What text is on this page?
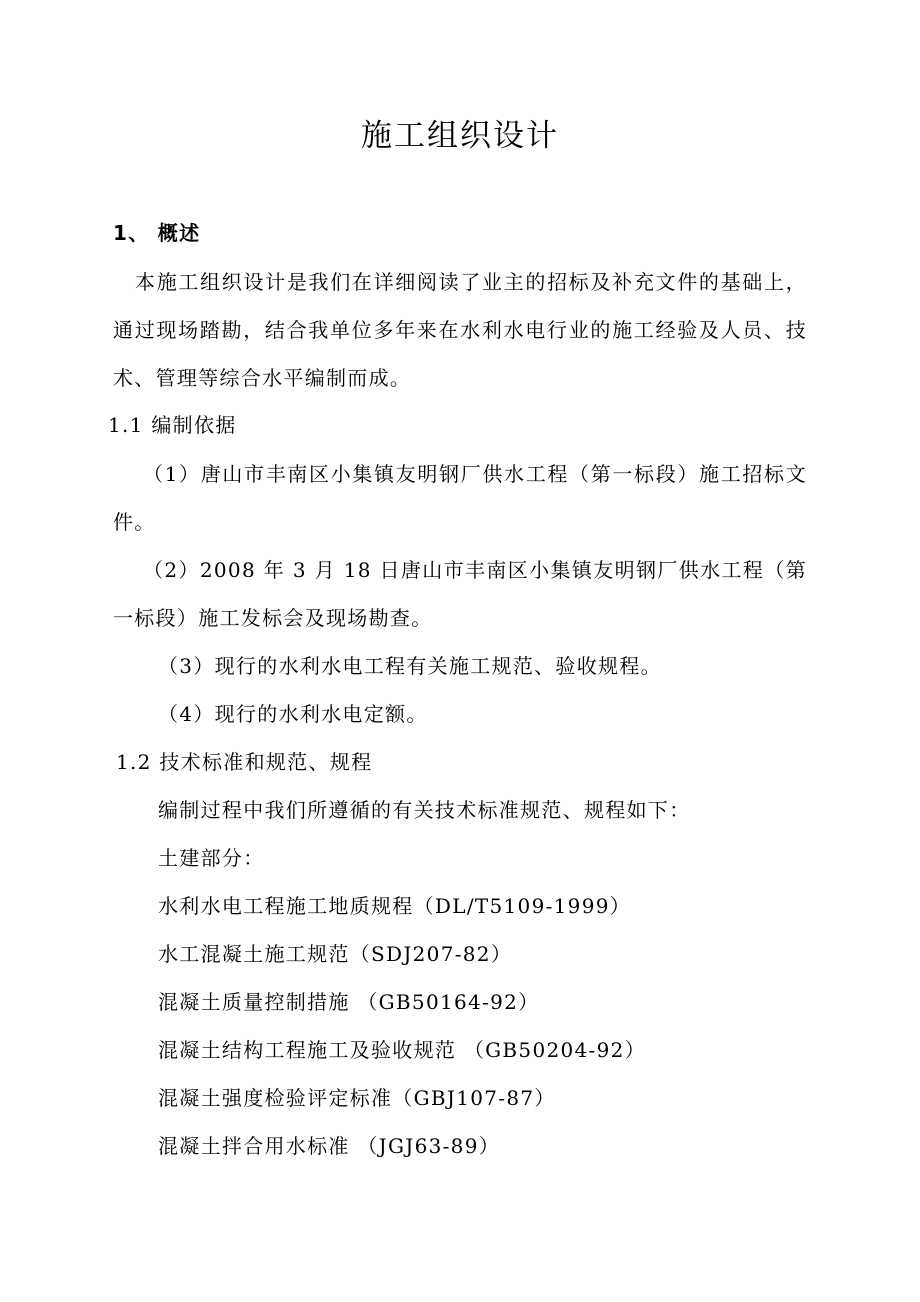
施工组织设计
1、 概述
本施工组织设计是我们在详细阅读了业主的招标及补充文件的基础上，通过现场踏勘，结合我单位多年来在水利水电行业的施工经验及人员、技术、管理等综合水平编制而成。
1.1 编制依据
（1）唐山市丰南区小集镇友明钢厂供水工程（第一标段）施工招标文件。
（2）2008 年 3 月 18 日唐山市丰南区小集镇友明钢厂供水工程（第一标段）施工发标会及现场勘查。
（3）现行的水利水电工程有关施工规范、验收规程。
（4）现行的水利水电定额。
1.2 技术标准和规范、规程
编制过程中我们所遵循的有关技术标准规范、规程如下：
土建部分：
水利水电工程施工地质规程（DL/T5109-1999）
水工混凝土施工规范（SDJ207-82）
混凝土质量控制措施 （GB50164-92）
混凝土结构工程施工及验收规范 （GB50204-92）
混凝土强度检验评定标准（GBJ107-87）
混凝土拌合用水标准 （JGJ63-89）
